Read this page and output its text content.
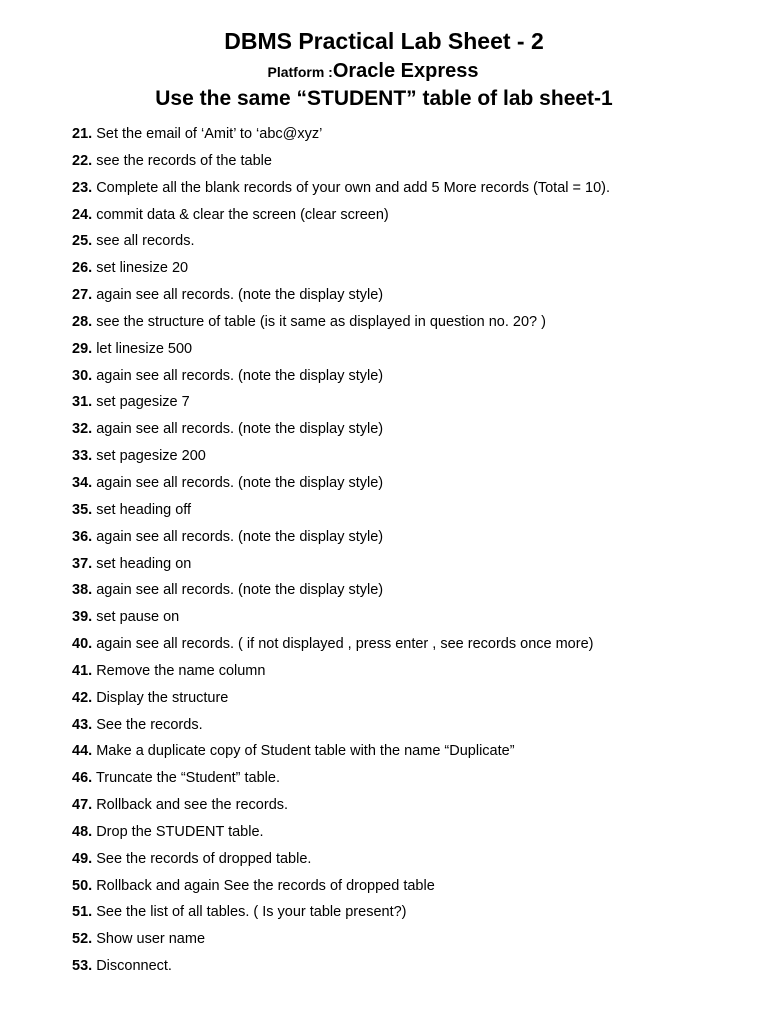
DBMS Practical Lab Sheet - 2
Platform :Oracle Express
Use the same “STUDENT” table of lab sheet-1
21. Set the email of ‘Amit’ to ‘abc@xyz’
22. see the records of the table
23. Complete all the blank records of your own and add 5 More records (Total = 10).
24. commit data & clear the screen (clear screen)
25. see all records.
26. set linesize 20
27. again see all records. (note the display style)
28. see the structure of table (is it same as displayed in question no. 20? )
29. let linesize 500
30. again see all records. (note the display style)
31. set pagesize 7
32. again see all records. (note the display style)
33. set pagesize 200
34. again see all records. (note the display style)
35. set heading off
36. again see all records. (note the display style)
37. set heading on
38. again see all records. (note the display style)
39. set pause on
40. again see all records. ( if not displayed , press enter , see records once more)
41. Remove the name column
42. Display the structure
43. See the records.
44. Make a duplicate copy of Student table with the name “Duplicate”
46. Truncate the “Student” table.
47. Rollback and see the records.
48. Drop the STUDENT table.
49. See the records of dropped table.
50. Rollback and again See the records of dropped table
51. See the list of all tables. ( Is your table present?)
52. Show user name
53. Disconnect.
